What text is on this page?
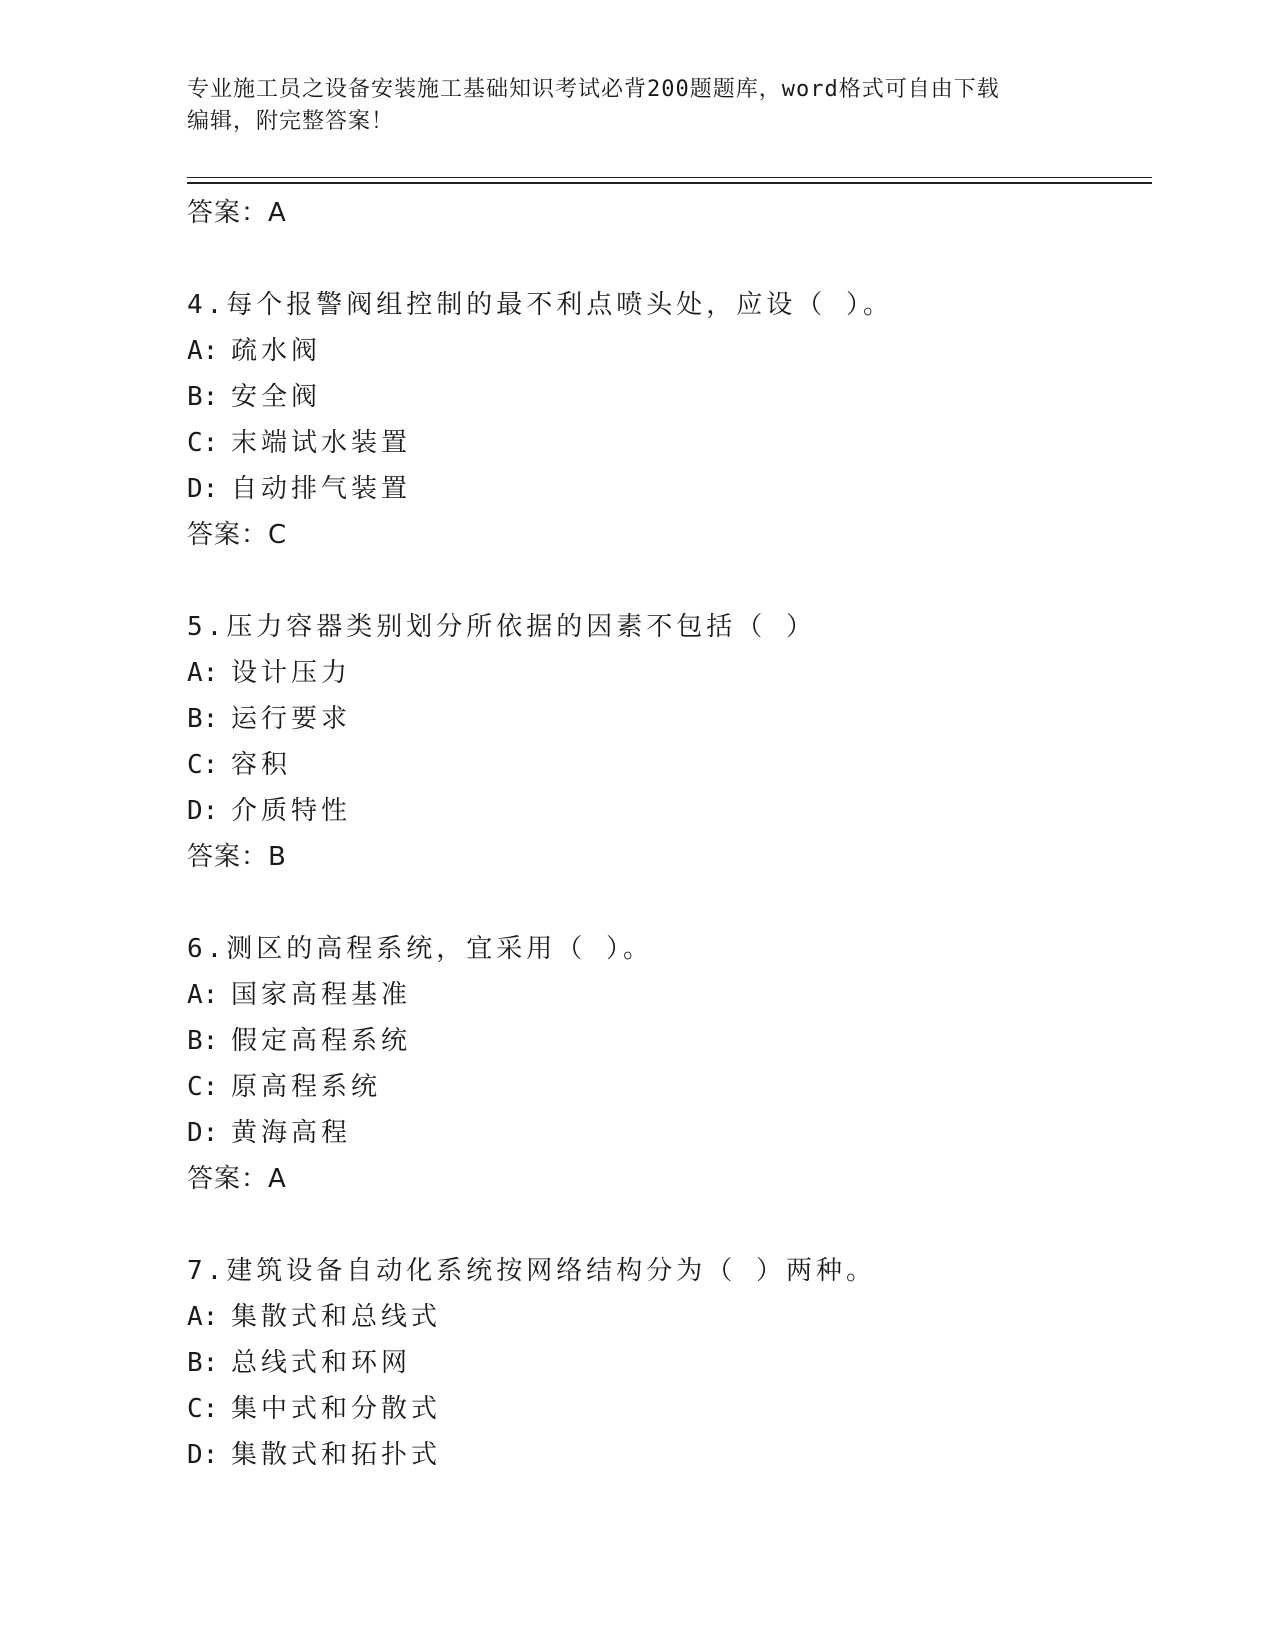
专业施工员之设备安装施工基础知识考试必背200题题库，word格式可自由下载
编辑，附完整答案！
答案：A
4.每个报警阀组控制的最不利点喷头处，应设（ ）。
A: 疏水阀
B: 安全阀
C: 末端试水装置
D: 自动排气装置
答案：C
5.压力容器类别划分所依据的因素不包括（ ）
A: 设计压力
B: 运行要求
C: 容积
D: 介质特性
答案：B
6.测区的高程系统，宜采用（ ）。
A: 国家高程基准
B: 假定高程系统
C: 原高程系统
D: 黄海高程
答案：A
7.建筑设备自动化系统按网络结构分为（ ）两种。
A: 集散式和总线式
B: 总线式和环网
C: 集中式和分散式
D: 集散式和拓扑式
